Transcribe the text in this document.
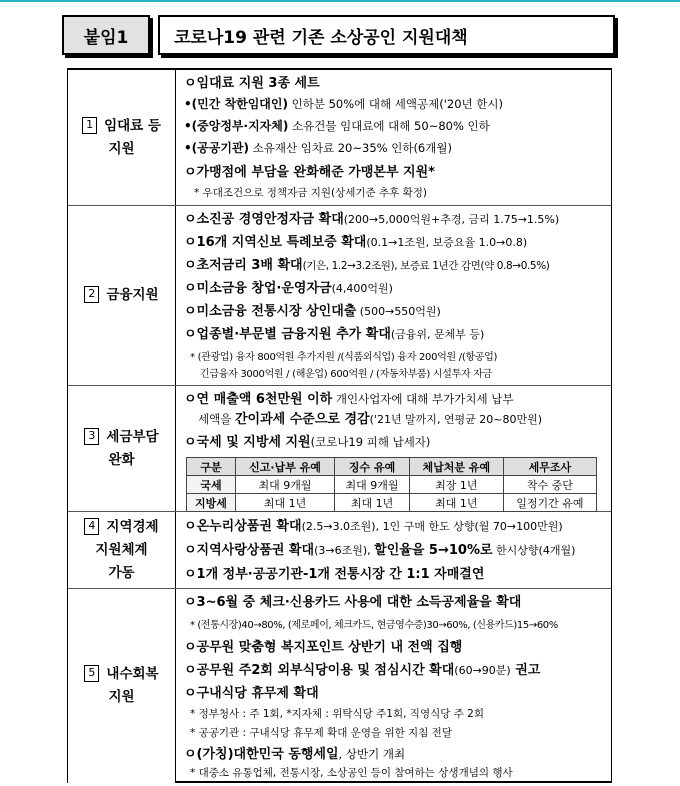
붙임1	코로나19 관련 기존 소상공인 지원대책
1 임대료 등
지원
ㅇ임대료 지원 3종 세트
•(민간 착한임대인) 인하분 50%에 대해 세액공제('20년 한시)
•(중앙정부·지자체) 소유건물 임대료에 대해 50~80% 인하
•(공공기관) 소유재산 임차료 20~35% 인하(6개월)
ㅇ가맹점에 부담을 완화해준 가맹본부 지원*
* 우대조건으로 정책자금 지원(상세기준 추후 확정)
2 금융지원
ㅇ소진공 경영안정자금 확대(200→5,000억원+추경, 금리 1.75→1.5%)
ㅇ16개 지역신보 특례보증 확대(0.1→1조원, 보증요율 1.0→0.8)
ㅇ초저금리 3배 확대(기은, 1.2→3.2조원), 보증료 1년간 감면(약 0.8→0.5%)
ㅇ미소금융 창업·운영자금(4,400억원)
ㅇ미소금융 전통시장 상인대출 (500→550억원)
ㅇ업종별·부문별 금융지원 추가 확대(금융위, 문체부 등)
* (관광업) 융자 800억원 추가지원 /(식품외식업) 융자 200억원 /(항공업)
긴급융자 3000억원 / (해운업) 600억원 / (자동차부품) 시설투자 자금
3 세금부담
완화
ㅇ연 매출액 6천만원 이하 개인사업자에 대해 부가가치세 납부
세액을 간이과세 수준으로 경감('21년 말까지, 연평균 20~80만원)
ㅇ국세 및 지방세 지원(코로나19 피해 납세자)
구분	신고·납부 유예	징수 유예	체납처분 유예	세무조사
국세	최대 9개월	최대 9개월	최장 1년	착수 중단
지방세	최대 1년	최대 1년	최대 1년	일정기간 유예
4 지역경제
지원체계
가동
ㅇ온누리상품권 확대(2.5→3.0조원), 1인 구매 한도 상향(월 70→100만원)
ㅇ지역사랑상품권 확대(3→6조원), 할인율을 5→10%로 한시상향(4개월)
ㅇ1개 정부·공공기관-1개 전통시장 간 1:1 자매결연
5 내수회복
지원
ㅇ3~6월 중 체크·신용카드 사용에 대한 소득공제율을 확대
* (전통시장)40→80%, (제로페이, 체크카드, 현금영수증)30→60%, (신용카드)15→60%
ㅇ공무원 맞춤형 복지포인트 상반기 내 전액 집행
ㅇ공무원 주2회 외부식당이용 및 점심시간 확대(60→90분) 권고
ㅇ구내식당 휴무제 확대
* 정부청사 : 주 1회, *지자체 : 위탁식당 주1회, 직영식당 주 2회
* 공공기관 : 구내식당 휴무제 확대 운영을 위한 지침 전달
ㅇ(가칭)대한민국 동행세일, 상반기 개최
* 대중소 유통업체, 전통시장, 소상공인 등이 참여하는 상생개념의 행사
